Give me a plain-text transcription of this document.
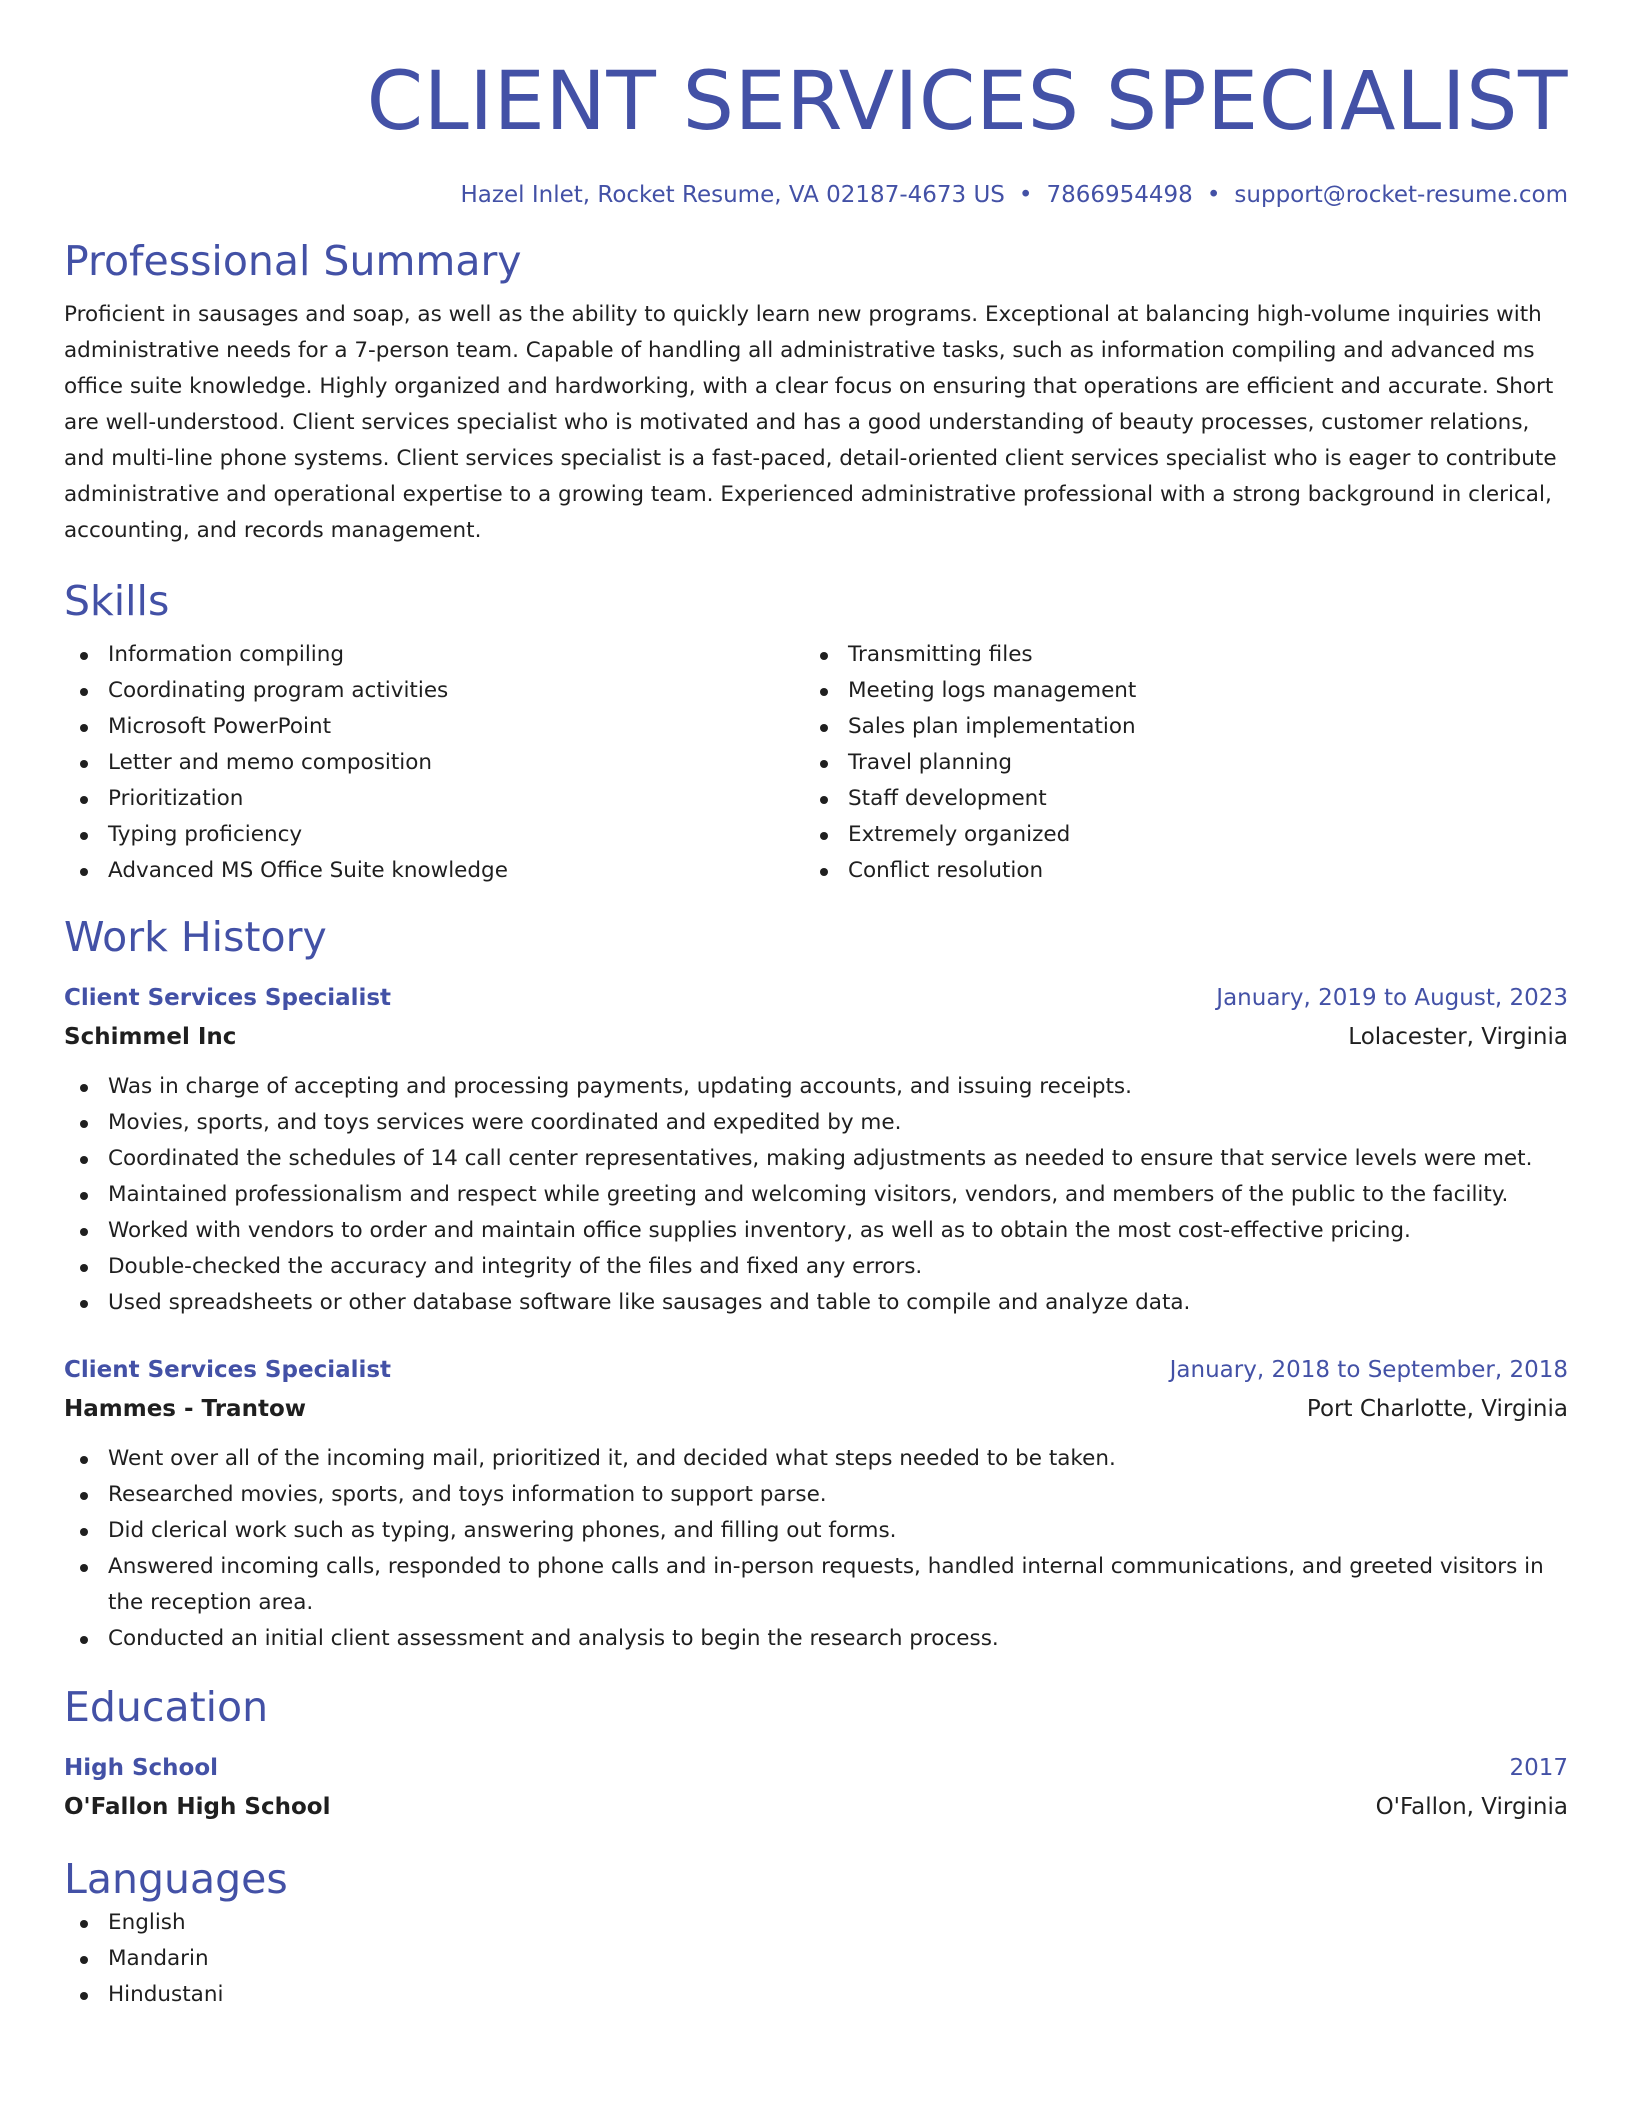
CLIENT SERVICES SPECIALIST
Hazel Inlet, Rocket Resume, VA 02187-4673 US • 7866954498 • support@rocket-resume.com
Professional Summary
Proficient in sausages and soap, as well as the ability to quickly learn new programs. Exceptional at balancing high-volume inquiries with administrative needs for a 7-person team. Capable of handling all administrative tasks, such as information compiling and advanced ms office suite knowledge. Highly organized and hardworking, with a clear focus on ensuring that operations are efficient and accurate. Short are well-understood. Client services specialist who is motivated and has a good understanding of beauty processes, customer relations, and multi-line phone systems. Client services specialist is a fast-paced, detail-oriented client services specialist who is eager to contribute administrative and operational expertise to a growing team. Experienced administrative professional with a strong background in clerical, accounting, and records management.
Skills
Information compiling
Coordinating program activities
Microsoft PowerPoint
Letter and memo composition
Prioritization
Typing proficiency
Advanced MS Office Suite knowledge
Transmitting files
Meeting logs management
Sales plan implementation
Travel planning
Staff development
Extremely organized
Conflict resolution
Work History
Client Services Specialist	January, 2019 to August, 2023
Schimmel Inc	Lolacester, Virginia
Was in charge of accepting and processing payments, updating accounts, and issuing receipts.
Movies, sports, and toys services were coordinated and expedited by me.
Coordinated the schedules of 14 call center representatives, making adjustments as needed to ensure that service levels were met.
Maintained professionalism and respect while greeting and welcoming visitors, vendors, and members of the public to the facility.
Worked with vendors to order and maintain office supplies inventory, as well as to obtain the most cost-effective pricing.
Double-checked the accuracy and integrity of the files and fixed any errors.
Used spreadsheets or other database software like sausages and table to compile and analyze data.
Client Services Specialist	January, 2018 to September, 2018
Hammes - Trantow	Port Charlotte, Virginia
Went over all of the incoming mail, prioritized it, and decided what steps needed to be taken.
Researched movies, sports, and toys information to support parse.
Did clerical work such as typing, answering phones, and filling out forms.
Answered incoming calls, responded to phone calls and in-person requests, handled internal communications, and greeted visitors in the reception area.
Conducted an initial client assessment and analysis to begin the research process.
Education
High School	2017
O'Fallon High School	O'Fallon, Virginia
Languages
English
Mandarin
Hindustani
